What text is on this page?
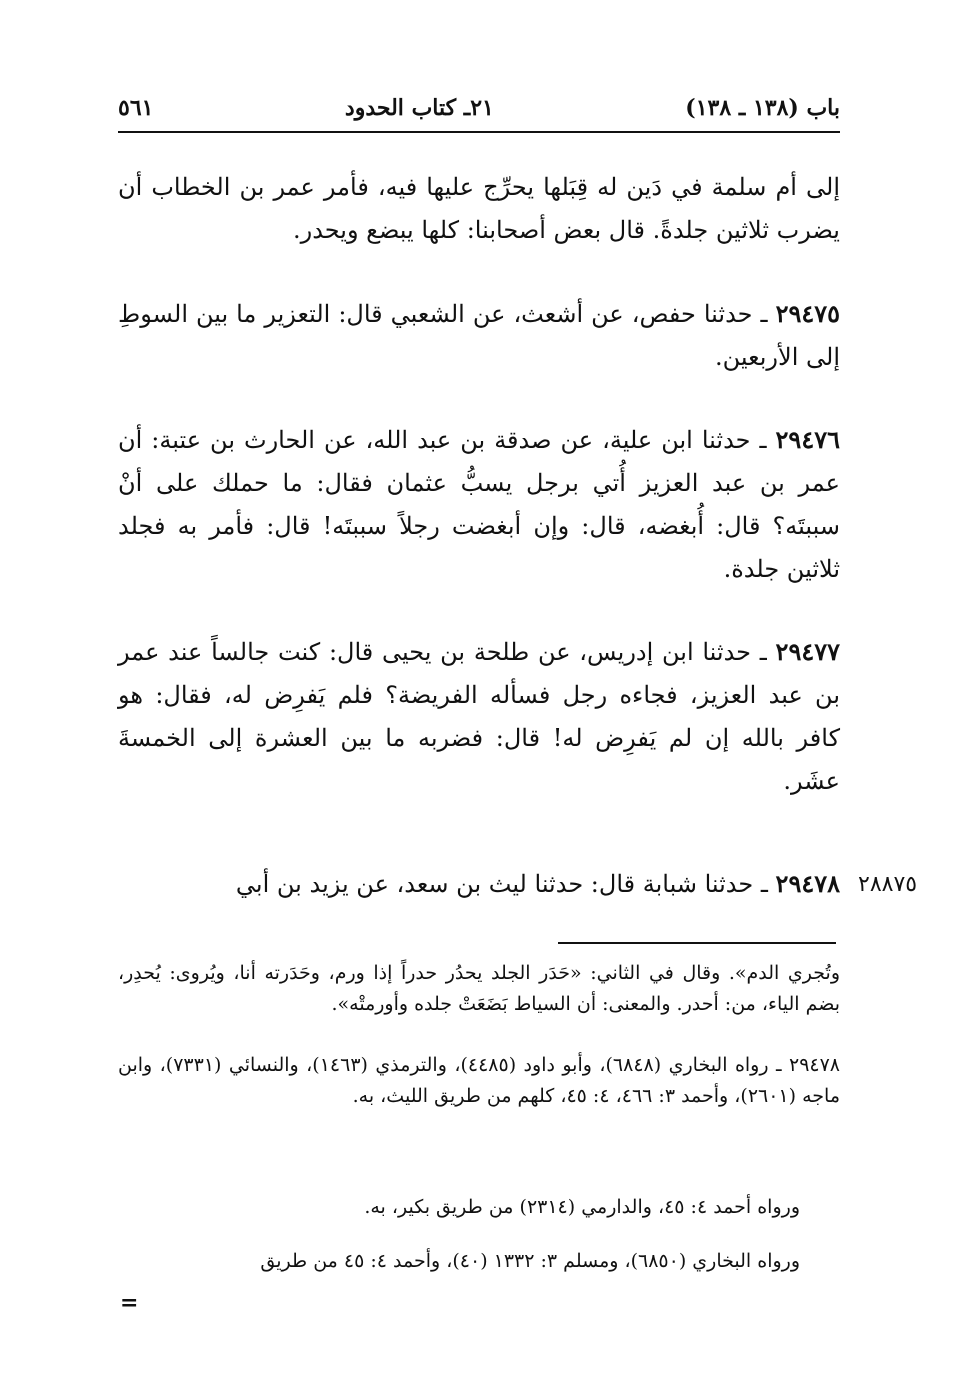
باب (١٣٨ ـ ١٣٨)
٢١ـ كتاب الحدود
٥٦١

إلى أم سلمة في دَين له قِبَلها يحرِّج عليها فيه، فأمر عمر بن الخطاب أن يضرب ثلاثين جلدةً. قال بعض أصحابنا: كلها يبضع ويحدر.

٢٩٤٧٥ ـ حدثنا حفص، عن أشعث، عن الشعبي قال: التعزير ما بين السوطِ إلى الأربعين.

٢٩٤٧٦ ـ حدثنا ابن علية، عن صدقة بن عبد الله، عن الحارث بن عتبة: أن عمر بن عبد العزيز أُتي برجل يسبُّ عثمان فقال: ما حملك على أنْ سببتَه؟ قال: أُبغضه، قال: وإن أبغضت رجلاً سببتَه! قال: فأمر به فجلد ثلاثين جلدة.

٢٩٤٧٧ ـ حدثنا ابن إدريس، عن طلحة بن يحيى قال: كنت جالساً عند عمر بن عبد العزيز، فجاءه رجل فسأله الفريضة؟ فلم يَفرِض له، فقال: هو كافر بالله إن لم يَفرِض له! قال: فضربه ما بين العشرة إلى الخمسةَ عشَر.

٢٩٤٧٨ ـ حدثنا شبابة قال: حدثنا ليث بن سعد، عن يزيد بن أبي	٢٨٨٧٥

وتُجري الدم». وقال في الثاني: «حَدَر الجلد يحدُر حدراً إذا ورم، وحَدَرته أنا، ويُروى: يُحدِر، بضم الياء، من: أحدر. والمعنى: أن السياط بَضَعَتْ جلده وأورمتْه».

٢٩٤٧٨ ـ رواه البخاري (٦٨٤٨)، وأبو داود (٤٤٨٥)، والترمذي (١٤٦٣)، والنسائي (٧٣٣١)، وابن ماجه (٢٦٠١)، وأحمد ٣: ٤٦٦، ٤: ٤٥، كلهم من طريق الليث، به.

ورواه أحمد ٤: ٤٥، والدارمي (٢٣١٤) من طريق بكير، به.

ورواه البخاري (٦٨٥٠)، ومسلم ٣: ١٣٣٢ (٤٠)، وأحمد ٤: ٤٥ من طريق

=
